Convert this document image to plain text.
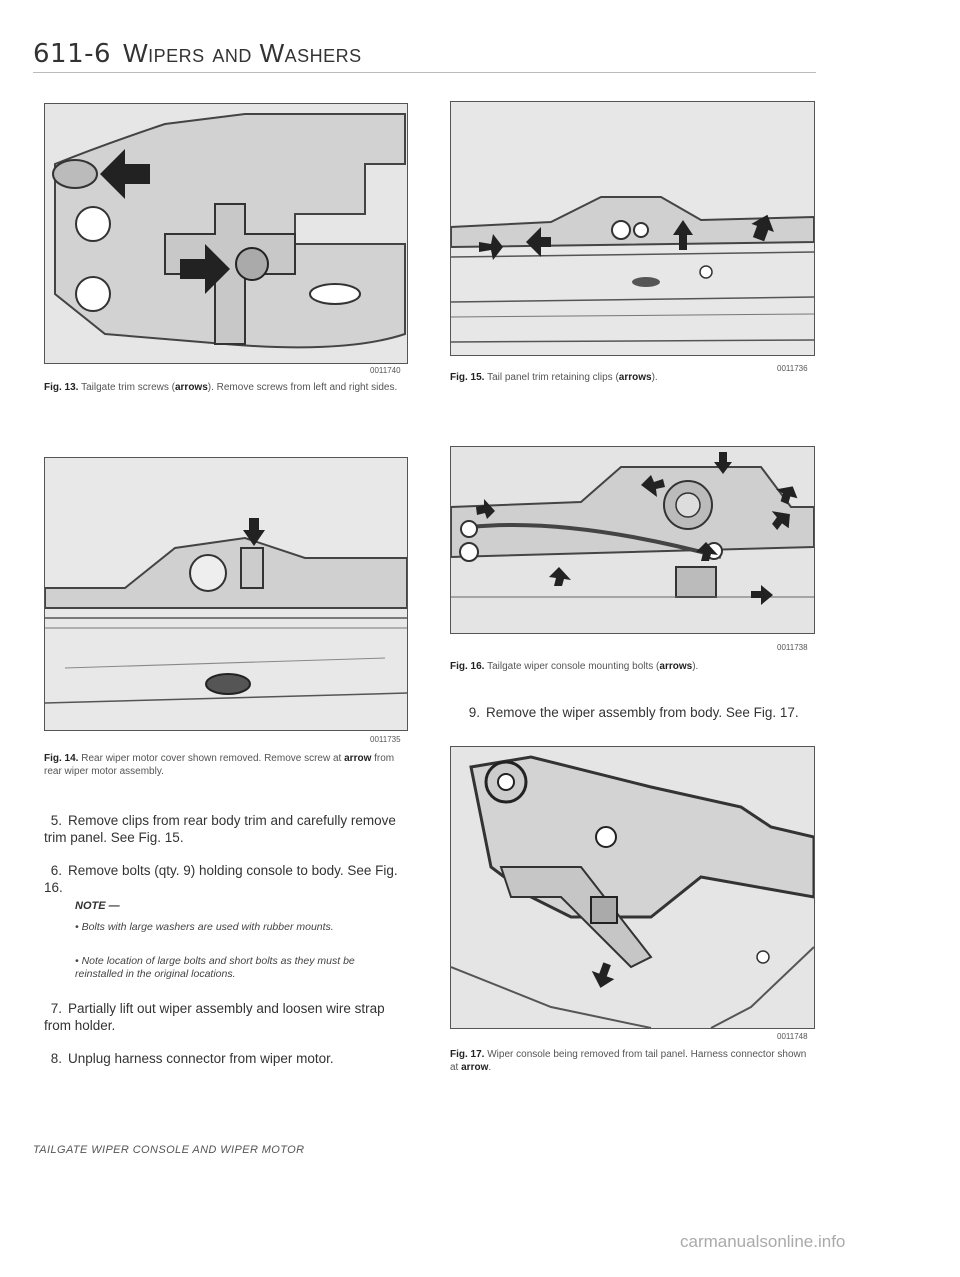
611-6 Wipers and Washers
0011740
Fig. 13. Tailgate trim screws (arrows). Remove screws from left and right sides.
0011735
Fig. 14. Rear wiper motor cover shown removed. Remove screw at arrow from rear wiper motor assembly.
5. Remove clips from rear body trim and carefully remove trim panel. See Fig. 15.
6. Remove bolts (qty. 9) holding console to body. See Fig. 16.
NOTE —
• Bolts with large washers are used with rubber mounts.
• Note location of large bolts and short bolts as they must be reinstalled in the original locations.
7. Partially lift out wiper assembly and loosen wire strap from holder.
8. Unplug harness connector from wiper motor.
0011736
Fig. 15. Tail panel trim retaining clips (arrows).
0011738
Fig. 16. Tailgate wiper console mounting bolts (arrows).
9. Remove the wiper assembly from body. See Fig. 17.
0011748
Fig. 17. Wiper console being removed from tail panel. Harness connector shown at arrow.
TAILGATE WIPER CONSOLE AND WIPER MOTOR
carmanualsonline.info
